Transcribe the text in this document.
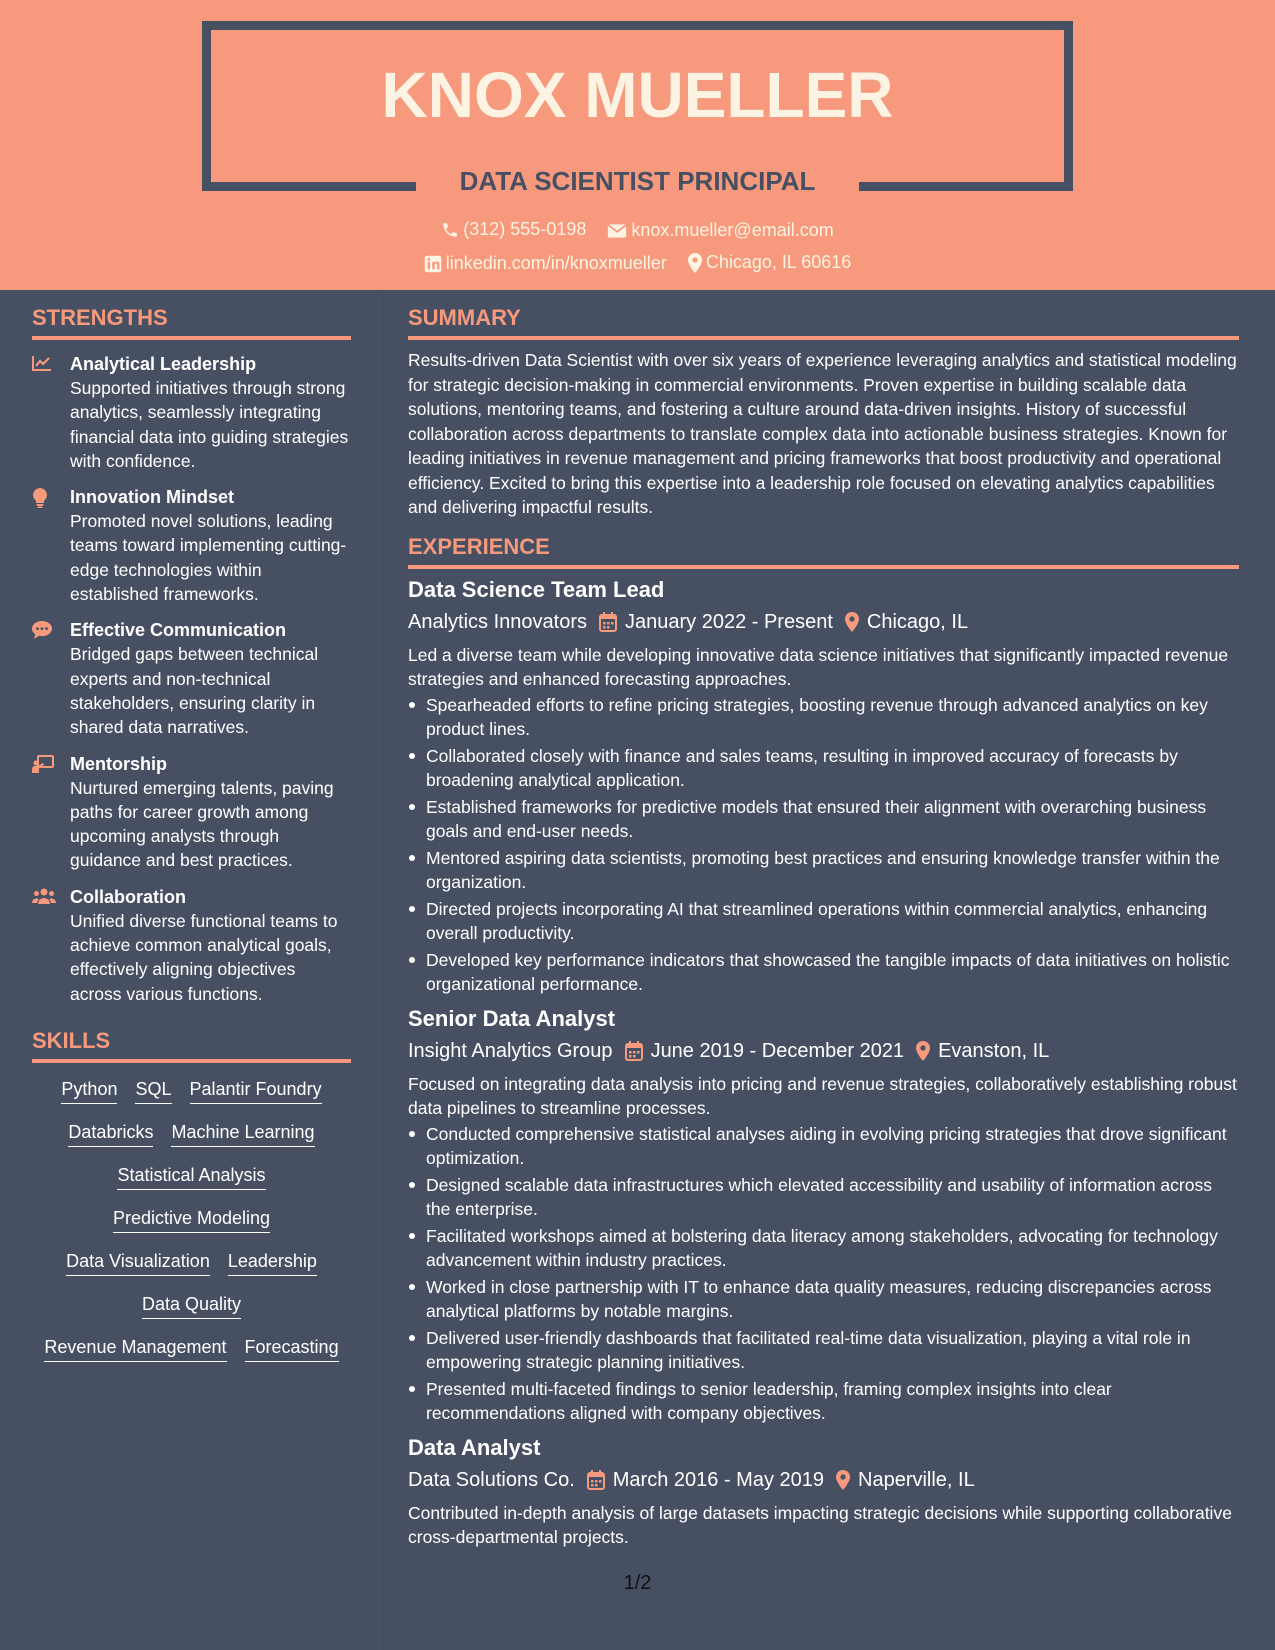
KNOX MUELLER
DATA SCIENTIST PRINCIPAL
(312) 555-0198
	knox.mueller@email.com
linkedin.com/in/knoxmueller
Chicago, IL 60616
STRENGTHS
Analytical Leadership
Supported initiatives through strong analytics, seamlessly integrating financial data into guiding strategies with confidence.
Innovation Mindset
Promoted novel solutions, leading teams toward implementing cutting-edge technologies within established frameworks.
Effective Communication
Bridged gaps between technical experts and non-technical stakeholders, ensuring clarity in shared data narratives.
Mentorship
Nurtured emerging talents, paving paths for career growth among upcoming analysts through guidance and best practices.
Collaboration
Unified diverse functional teams to achieve common analytical goals, effectively aligning objectives across various functions.
SKILLS
Python SQL Palantir Foundry
Databricks Machine Learning
Statistical Analysis
Predictive Modeling
Data Visualization Leadership
Data Quality
Revenue Management Forecasting
SUMMARY
Results-driven Data Scientist with over six years of experience leveraging analytics and statistical modeling for strategic decision-making in commercial environments. Proven expertise in building scalable data solutions, mentoring teams, and fostering a culture around data-driven insights. History of successful collaboration across departments to translate complex data into actionable business strategies. Known for leading initiatives in revenue management and pricing frameworks that boost productivity and operational efficiency. Excited to bring this expertise into a leadership role focused on elevating analytics capabilities and delivering impactful results.
EXPERIENCE
Data Science Team Lead
Analytics Innovators January 2022 - Present Chicago, IL
Led a diverse team while developing innovative data science initiatives that significantly impacted revenue strategies and enhanced forecasting approaches.
Spearheaded efforts to refine pricing strategies, boosting revenue through advanced analytics on key product lines.
Collaborated closely with finance and sales teams, resulting in improved accuracy of forecasts by broadening analytical application.
Established frameworks for predictive models that ensured their alignment with overarching business goals and end-user needs.
Mentored aspiring data scientists, promoting best practices and ensuring knowledge transfer within the organization.
Directed projects incorporating AI that streamlined operations within commercial analytics, enhancing overall productivity.
Developed key performance indicators that showcased the tangible impacts of data initiatives on holistic organizational performance.
Senior Data Analyst
Insight Analytics Group June 2019 - December 2021 Evanston, IL
Focused on integrating data analysis into pricing and revenue strategies, collaboratively establishing robust data pipelines to streamline processes.
Conducted comprehensive statistical analyses aiding in evolving pricing strategies that drove significant optimization.
Designed scalable data infrastructures which elevated accessibility and usability of information across the enterprise.
Facilitated workshops aimed at bolstering data literacy among stakeholders, advocating for technology advancement within industry practices.
Worked in close partnership with IT to enhance data quality measures, reducing discrepancies across analytical platforms by notable margins.
Delivered user-friendly dashboards that facilitated real-time data visualization, playing a vital role in empowering strategic planning initiatives.
Presented multi-faceted findings to senior leadership, framing complex insights into clear recommendations aligned with company objectives.
Data Analyst
Data Solutions Co. March 2016 - May 2019 Naperville, IL
Contributed in-depth analysis of large datasets impacting strategic decisions while supporting collaborative cross-departmental projects.
1/2
